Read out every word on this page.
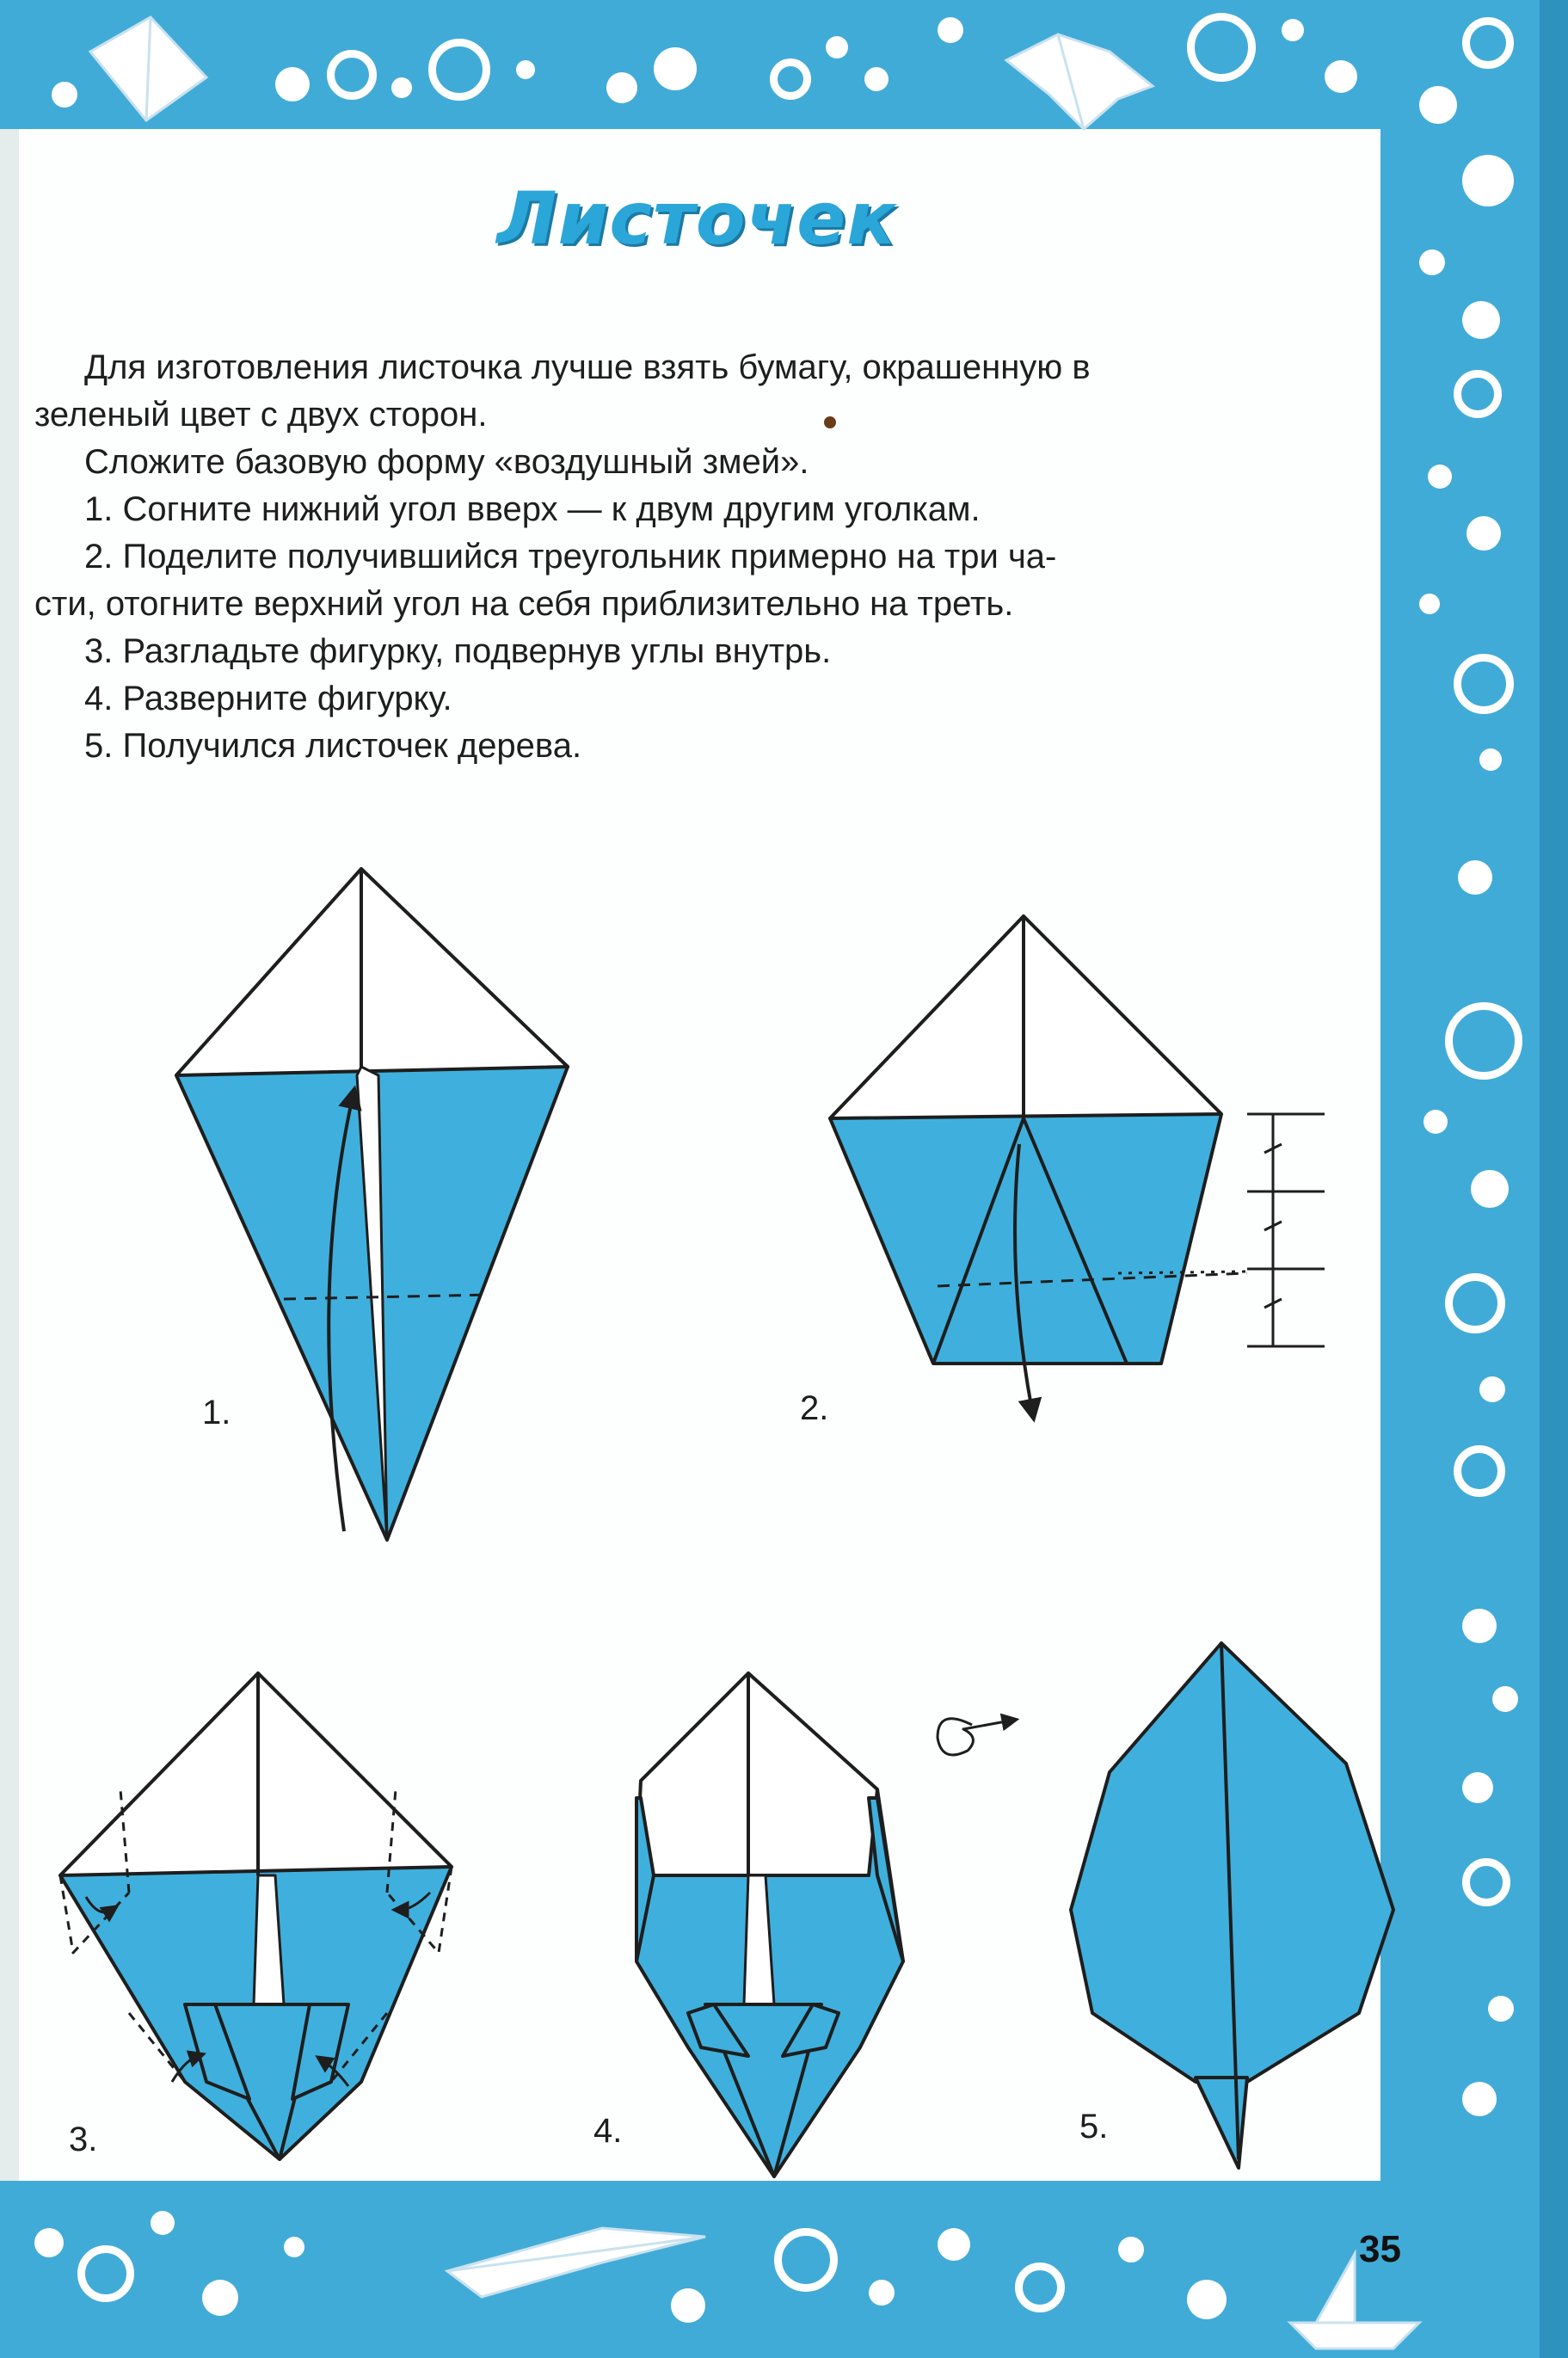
Листочек

Для изготовления листочка лучше взять бумагу, окрашенную в

зеленый цвет с двух сторон.

Сложите базовую форму «воздушный змей».

1. Согните нижний угол вверх — к двум другим уголкам.

2. Поделите получившийся треугольник примерно на три ча-

сти, отогните верхний угол на себя приблизительно на треть.

3. Разгладьте фигурку, подвернув углы внутрь.

4. Разверните фигурку.

5. Получился листочек дерева.

1.	2.
3.	4.	5.
35
